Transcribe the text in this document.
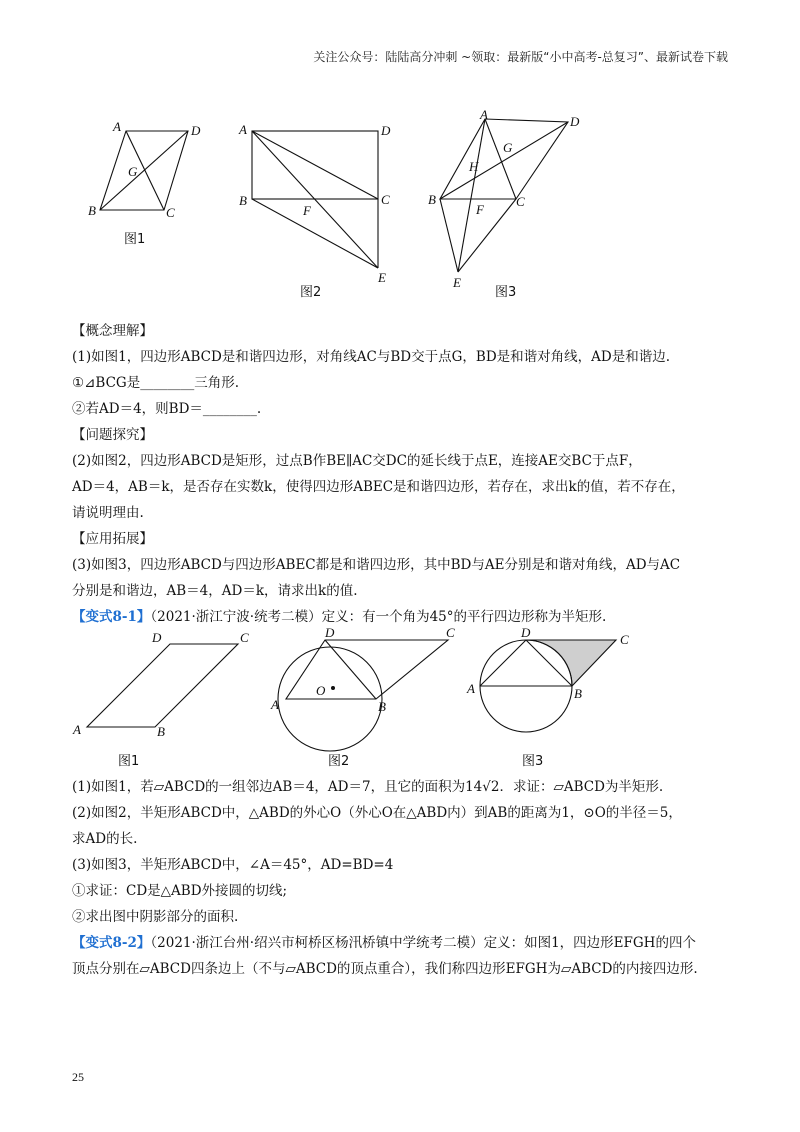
关注公众号：陆陆高分冲刺 ~领取：最新版“小中高考-总复习”、最新试卷下载
A	D
G
B	C
图1
A	D
B
F
C
E
图2
A	D
G
H
B
F
C
E
图3

【概念理解】

(1)如图1，四边形ABCD是和谐四边形，对角线AC与BD交于点G，BD是和谐对角线，AD是和谐边.

①⊿BCG是________三角形.

②若AD＝4，则BD＝________.

【问题探究】

(2)如图2，四边形ABCD是矩形，过点B作BE∥AC交DC的延长线于点E，连接AE交BC于点F，

AD＝4，AB＝k，是否存在实数k，使得四边形ABEC是和谐四边形，若存在，求出k的值，若不存在，

请说明理由.

【应用拓展】

(3)如图3，四边形ABCD与四边形ABEC都是和谐四边形，其中BD与AE分别是和谐对角线，AD与AC

分别是和谐边，AB＝4，AD＝k，请求出k的值.

【变式8-1】（2021·浙江宁波·统考二模）定义：有一个角为45°的平行四边形称为半矩形.

D	C
A	B
图1
D	C
O
A	B
图2
D	C
A	B
图3

(1)如图1，若▱ABCD的一组邻边AB＝4，AD＝7，且它的面积为14√2．求证：▱ABCD为半矩形.

(2)如图2，半矩形ABCD中，△ABD的外心O（外心O在△ABD内）到AB的距离为1，⊙O的半径＝5，

求AD的长.

(3)如图3，半矩形ABCD中，∠A＝45°，AD=BD=4

①求证：CD是△ABD外接圆的切线;

②求出图中阴影部分的面积.

【变式8-2】（2021·浙江台州·绍兴市柯桥区杨汛桥镇中学统考二模）定义：如图1，四边形EFGH的四个

顶点分别在▱ABCD四条边上（不与▱ABCD的顶点重合），我们称四边形EFGH为▱ABCD的内接四边形.

25
